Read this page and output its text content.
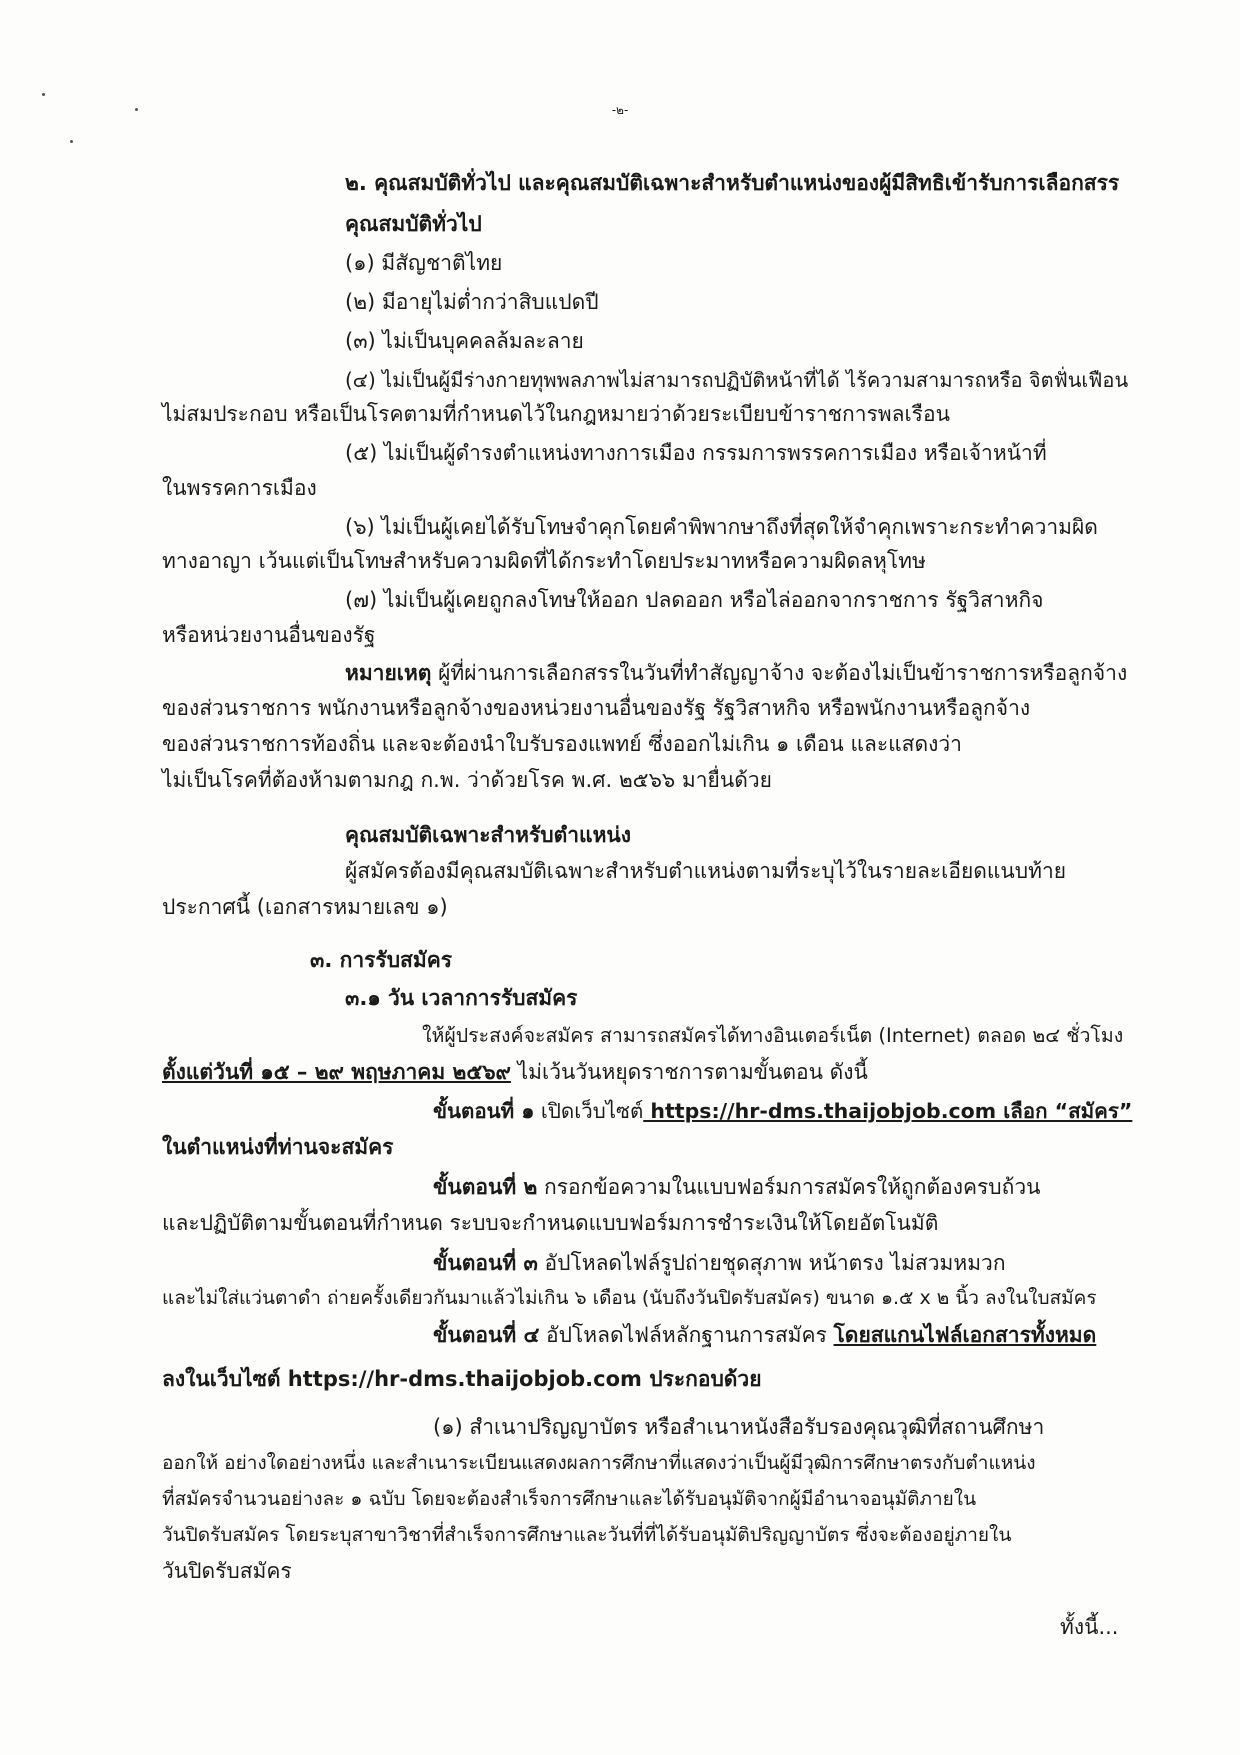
-๒-
๒. คุณสมบัติทั่วไป และคุณสมบัติเฉพาะสำหรับตำแหน่งของผู้มีสิทธิเข้ารับการเลือกสรร
คุณสมบัติทั่วไป
(๑) มีสัญชาติไทย
(๒) มีอายุไม่ต่ำกว่าสิบแปดปี
(๓) ไม่เป็นบุคคลล้มละลาย
(๔) ไม่เป็นผู้มีร่างกายทุพพลภาพไม่สามารถปฏิบัติหน้าที่ได้ ไร้ความสามารถหรือ จิตฟั่นเฟือน
ไม่สมประกอบ หรือเป็นโรคตามที่กำหนดไว้ในกฎหมายว่าด้วยระเบียบข้าราชการพลเรือน
(๕) ไม่เป็นผู้ดำรงตำแหน่งทางการเมือง กรรมการพรรคการเมือง หรือเจ้าหน้าที่
ในพรรคการเมือง
(๖) ไม่เป็นผู้เคยได้รับโทษจำคุกโดยคำพิพากษาถึงที่สุดให้จำคุกเพราะกระทำความผิด
ทางอาญา เว้นแต่เป็นโทษสำหรับความผิดที่ได้กระทำโดยประมาทหรือความผิดลหุโทษ
(๗) ไม่เป็นผู้เคยถูกลงโทษให้ออก ปลดออก หรือไล่ออกจากราชการ รัฐวิสาหกิจ
หรือหน่วยงานอื่นของรัฐ
หมายเหตุ ผู้ที่ผ่านการเลือกสรรในวันที่ทำสัญญาจ้าง จะต้องไม่เป็นข้าราชการหรือลูกจ้าง
ของส่วนราชการ พนักงานหรือลูกจ้างของหน่วยงานอื่นของรัฐ รัฐวิสาหกิจ หรือพนักงานหรือลูกจ้าง
ของส่วนราชการท้องถิ่น และจะต้องนำใบรับรองแพทย์ ซึ่งออกไม่เกิน ๑ เดือน และแสดงว่า
ไม่เป็นโรคที่ต้องห้ามตามกฎ ก.พ. ว่าด้วยโรค พ.ศ. ๒๕๖๖ มายื่นด้วย
คุณสมบัติเฉพาะสำหรับตำแหน่ง
ผู้สมัครต้องมีคุณสมบัติเฉพาะสำหรับตำแหน่งตามที่ระบุไว้ในรายละเอียดแนบท้าย
ประกาศนี้ (เอกสารหมายเลข ๑)
๓. การรับสมัคร
๓.๑ วัน เวลาการรับสมัคร
ให้ผู้ประสงค์จะสมัคร สามารถสมัครได้ทางอินเตอร์เน็ต (Internet) ตลอด ๒๔ ชั่วโมง
ตั้งแต่วันที่ ๑๕ – ๒๙ พฤษภาคม ๒๕๖๙ ไม่เว้นวันหยุดราชการตามขั้นตอน ดังนี้
ขั้นตอนที่ ๑ เปิดเว็บไซต์ https://hr-dms.thaijobjob.com เลือก “สมัคร”
ในตำแหน่งที่ท่านจะสมัคร
ขั้นตอนที่ ๒ กรอกข้อความในแบบฟอร์มการสมัครให้ถูกต้องครบถ้วน
และปฏิบัติตามขั้นตอนที่กำหนด ระบบจะกำหนดแบบฟอร์มการชำระเงินให้โดยอัตโนมัติ
ขั้นตอนที่ ๓ อัปโหลดไฟล์รูปถ่ายชุดสุภาพ หน้าตรง ไม่สวมหมวก
และไม่ใส่แว่นตาดำ ถ่ายครั้งเดียวกันมาแล้วไม่เกิน ๖ เดือน (นับถึงวันปิดรับสมัคร) ขนาด ๑.๕ x ๒ นิ้ว ลงในใบสมัคร
ขั้นตอนที่ ๔ อัปโหลดไฟล์หลักฐานการสมัคร โดยสแกนไฟล์เอกสารทั้งหมด
ลงในเว็บไซต์ https://hr-dms.thaijobjob.com ประกอบด้วย
(๑) สำเนาปริญญาบัตร หรือสำเนาหนังสือรับรองคุณวุฒิที่สถานศึกษา
ออกให้ อย่างใดอย่างหนึ่ง และสำเนาระเบียนแสดงผลการศึกษาที่แสดงว่าเป็นผู้มีวุฒิการศึกษาตรงกับตำแหน่ง
ที่สมัครจำนวนอย่างละ ๑ ฉบับ โดยจะต้องสำเร็จการศึกษาและได้รับอนุมัติจากผู้มีอำนาจอนุมัติภายใน
วันปิดรับสมัคร โดยระบุสาขาวิชาที่สำเร็จการศึกษาและวันที่ที่ได้รับอนุมัติปริญญาบัตร ซึ่งจะต้องอยู่ภายใน
วันปิดรับสมัคร
ทั้งนี้...
